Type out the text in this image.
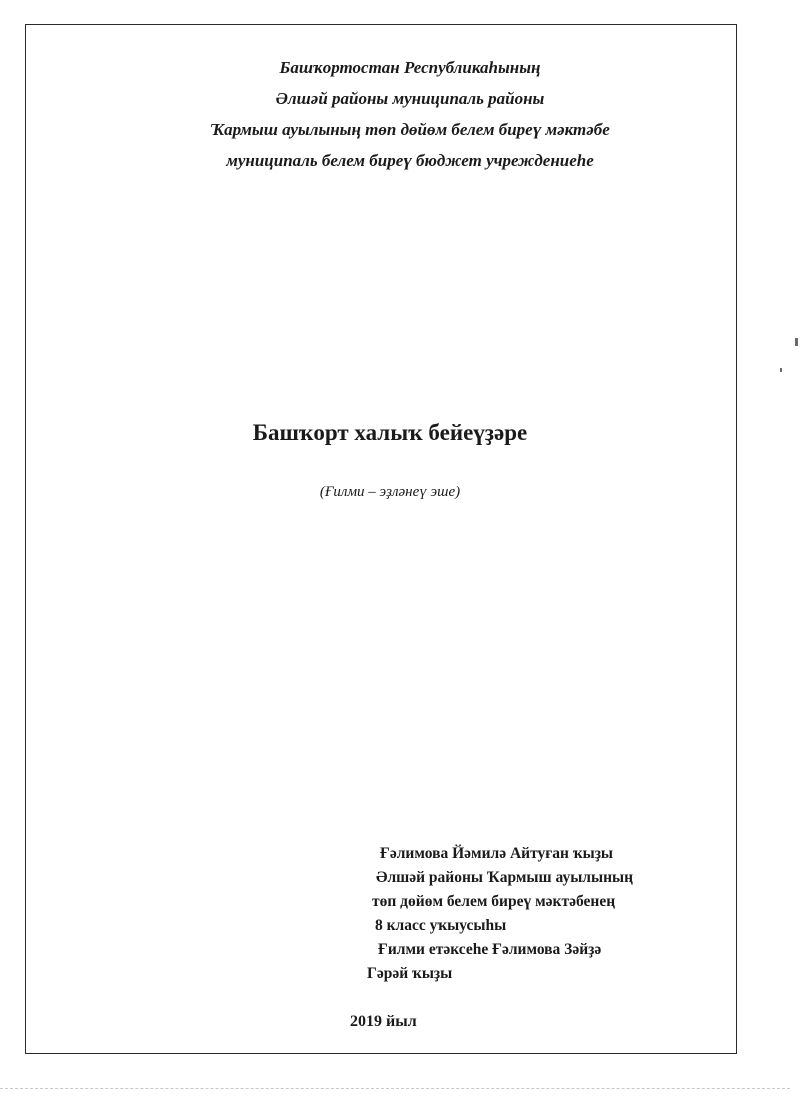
Башҡортостан Республикаһының

Әлшәй районы муниципаль районы

Ҡармыш ауылының төп дөйөм белем биреү мәктәбе

муниципаль белем биреү бюджет учреждениеһе

Башҡорт халыҡ бейеүҙәре

(Ғилми – эҙләнеү эше)

Ғәлимова Йәмилә Айтуған ҡыҙы

Әлшәй районы Ҡармыш ауылының

төп дөйөм белем биреү мәктәбенең

8 класс уҡыусыһы

Ғилми етәксеһе Ғәлимова Зәйҙә

Гәрәй ҡыҙы

2019 йыл
